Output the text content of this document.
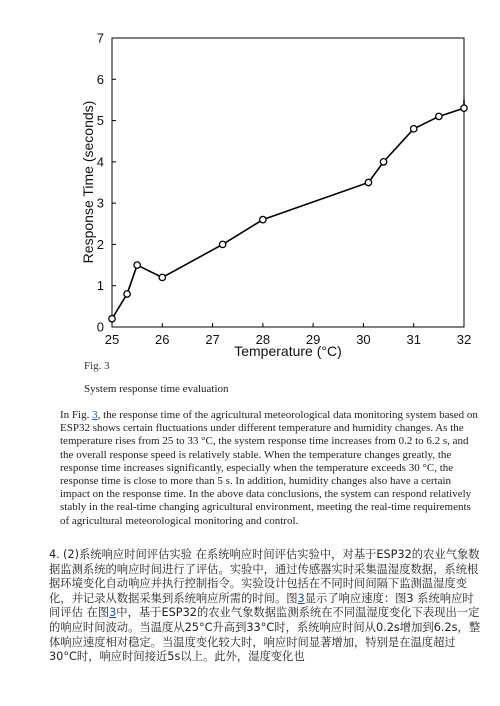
25	26	27	28	29	30	31	32
0
1
2
3
4
5
6
7
Temperature (°C)
Response Time (seconds)
Fig. 3
System response time evaluation
In Fig. 3, the response time of the agricultural meteorological data monitoring system based on ESP32 shows certain fluctuations under different temperature and humidity changes. As the temperature rises from 25 to 33 °C, the system response time increases from 0.2 to 6.2 s, and the overall response speed is relatively stable. When the temperature changes greatly, the response time increases significantly, especially when the temperature exceeds 30 °C, the response time is close to more than 5 s. In addition, humidity changes also have a certain impact on the response time. In the above data conclusions, the system can respond relatively stably in the real-time changing agricultural environment, meeting the real-time requirements of agricultural meteorological monitoring and control.
4. (2)系统响应时间评估实验 在系统响应时间评估实验中，对基于ESP32的农业气象数据监测系统的响应时间进行了评估。实验中，通过传感器实时采集温湿度数据，系统根据环境变化自动响应并执行控制指令。实验设计包括在不同时间间隔下监测温湿度变化，并记录从数据采集到系统响应所需的时间。图3显示了响应速度：图3 系统响应时间评估 在图3中，基于ESP32的农业气象数据监测系统在不同温湿度变化下表现出一定的响应时间波动。当温度从25°C升高到33°C时，系统响应时间从0.2s增加到6.2s，整体响应速度相对稳定。当温度变化较大时，响应时间显著增加，特别是在温度超过30°C时，响应时间接近5s以上。此外，湿度变化也
